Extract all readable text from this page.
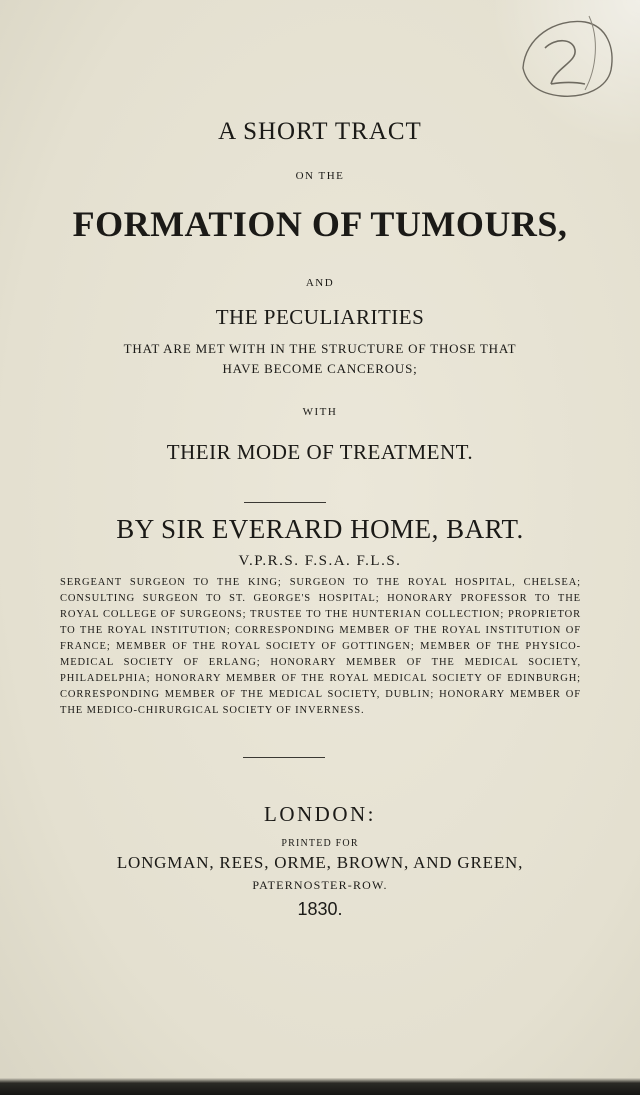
A SHORT TRACT
ON THE
FORMATION OF TUMOURS,
AND
THE PECULIARITIES
THAT ARE MET WITH IN THE STRUCTURE OF THOSE THAT
HAVE BECOME CANCEROUS;
WITH
THEIR MODE OF TREATMENT.
BY SIR EVERARD HOME, BART.
V.P.R.S. F.S.A. F.L.S.
SERGEANT SURGEON TO THE KING; SURGEON TO THE ROYAL HOSPITAL, CHELSEA; CONSULTING SURGEON TO ST. GEORGE'S HOSPITAL; HONORARY PROFESSOR TO THE ROYAL COLLEGE OF SURGEONS; TRUSTEE TO THE HUNTERIAN COLLECTION; PROPRIETOR TO THE ROYAL INSTITUTION; CORRESPONDING MEMBER OF THE ROYAL INSTITUTION OF FRANCE; MEMBER OF THE ROYAL SOCIETY OF GOTTINGEN; MEMBER OF THE PHYSICO-MEDICAL SOCIETY OF ERLANG; HONORARY MEMBER OF THE MEDICAL SOCIETY, PHILADELPHIA; HONORARY MEMBER OF THE ROYAL MEDICAL SOCIETY OF EDINBURGH; CORRESPONDING MEMBER OF THE MEDICAL SOCIETY, DUBLIN; HONORARY MEMBER OF THE MEDICO-CHIRURGICAL SOCIETY OF INVERNESS.
LONDON:
PRINTED FOR
LONGMAN, REES, ORME, BROWN, AND GREEN,
PATERNOSTER-ROW.
1830.
